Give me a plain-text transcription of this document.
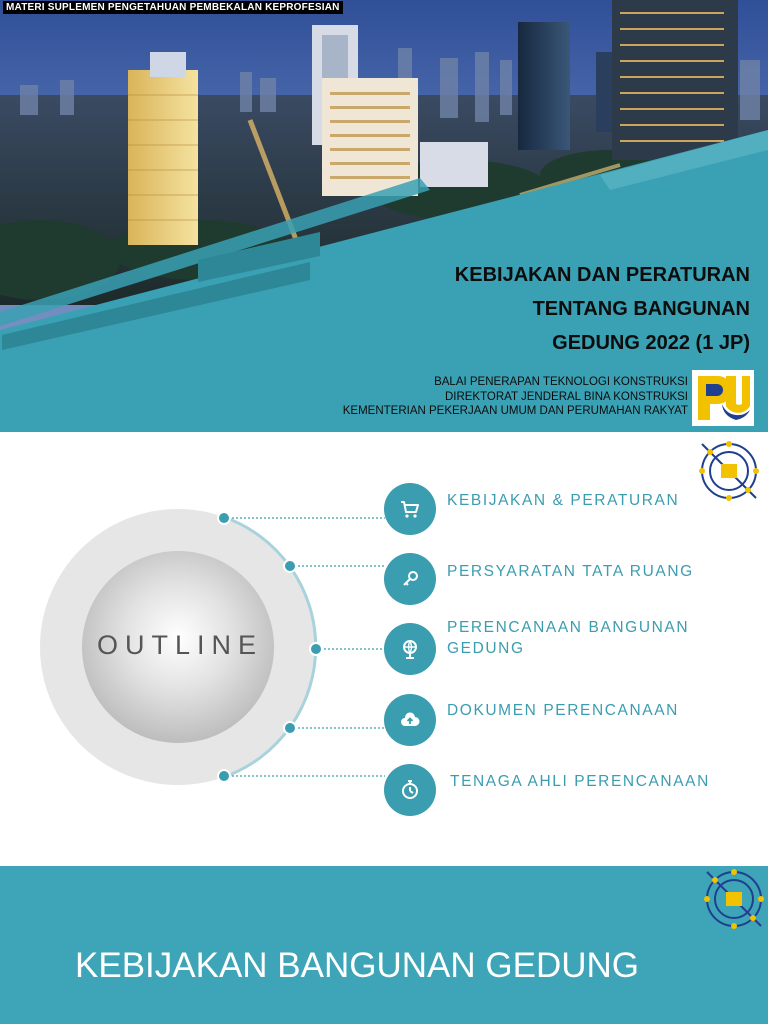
MATERI SUPLEMEN PENGETAHUAN PEMBEKALAN KEPROFESIAN
KEBIJAKAN DAN PERATURAN
TENTANG BANGUNAN
GEDUNG 2022 (1 JP)
BALAI PENERAPAN TEKNOLOGI KONSTRUKSI
DIREKTORAT JENDERAL BINA KONSTRUKSI
KEMENTERIAN PEKERJAAN UMUM DAN PERUMAHAN RAKYAT
OUTLINE
KEBIJAKAN & PERATURAN
PERSYARATAN TATA RUANG
PERENCANAAN BANGUNAN
GEDUNG
DOKUMEN PERENCANAAN
TENAGA AHLI PERENCANAAN
KEBIJAKAN BANGUNAN GEDUNG
